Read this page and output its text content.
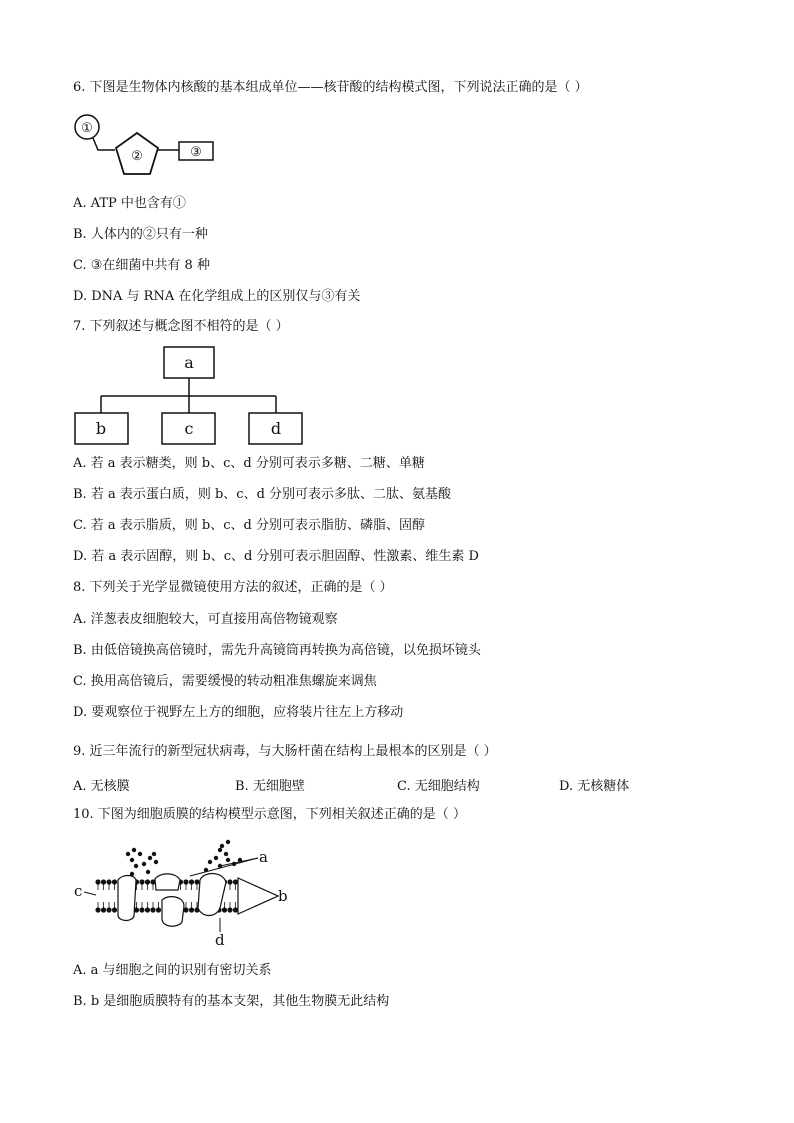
6. 下图是生物体内核酸的基本组成单位——核苷酸的结构模式图，下列说法正确的是（ ）
①
②	③
A. ATP 中也含有①
B. 人体内的②只有一种
C. ③在细菌中共有 8 种
D. DNA 与 RNA 在化学组成上的区别仅与③有关
7. 下列叙述与概念图不相符的是（ ）
a
b	c	d
A. 若 a 表示糖类，则 b、c、d 分别可表示多糖、二糖、单糖
B. 若 a 表示蛋白质，则 b、c、d 分别可表示多肽、二肽、氨基酸
C. 若 a 表示脂质，则 b、c、d 分别可表示脂肪、磷脂、固醇
D. 若 a 表示固醇，则 b、c、d 分别可表示胆固醇、性激素、维生素 D
8. 下列关于光学显微镜使用方法的叙述，正确的是（ ）
A. 洋葱表皮细胞较大，可直接用高倍物镜观察
B. 由低倍镜换高倍镜时，需先升高镜筒再转换为高倍镜，以免损坏镜头
C. 换用高倍镜后，需要缓慢的转动粗准焦螺旋来调焦
D. 要观察位于视野左上方的细胞，应将装片往左上方移动
9. 近三年流行的新型冠状病毒，与大肠杆菌在结构上最根本的区别是（ ）
A. 无核膜	B. 无细胞壁	C. 无细胞结构	D. 无核糖体
10. 下图为细胞质膜的结构模型示意图，下列相关叙述正确的是（ ）
a
b
c
d
A. a 与细胞之间的识别有密切关系
B. b 是细胞质膜特有的基本支架，其他生物膜无此结构
